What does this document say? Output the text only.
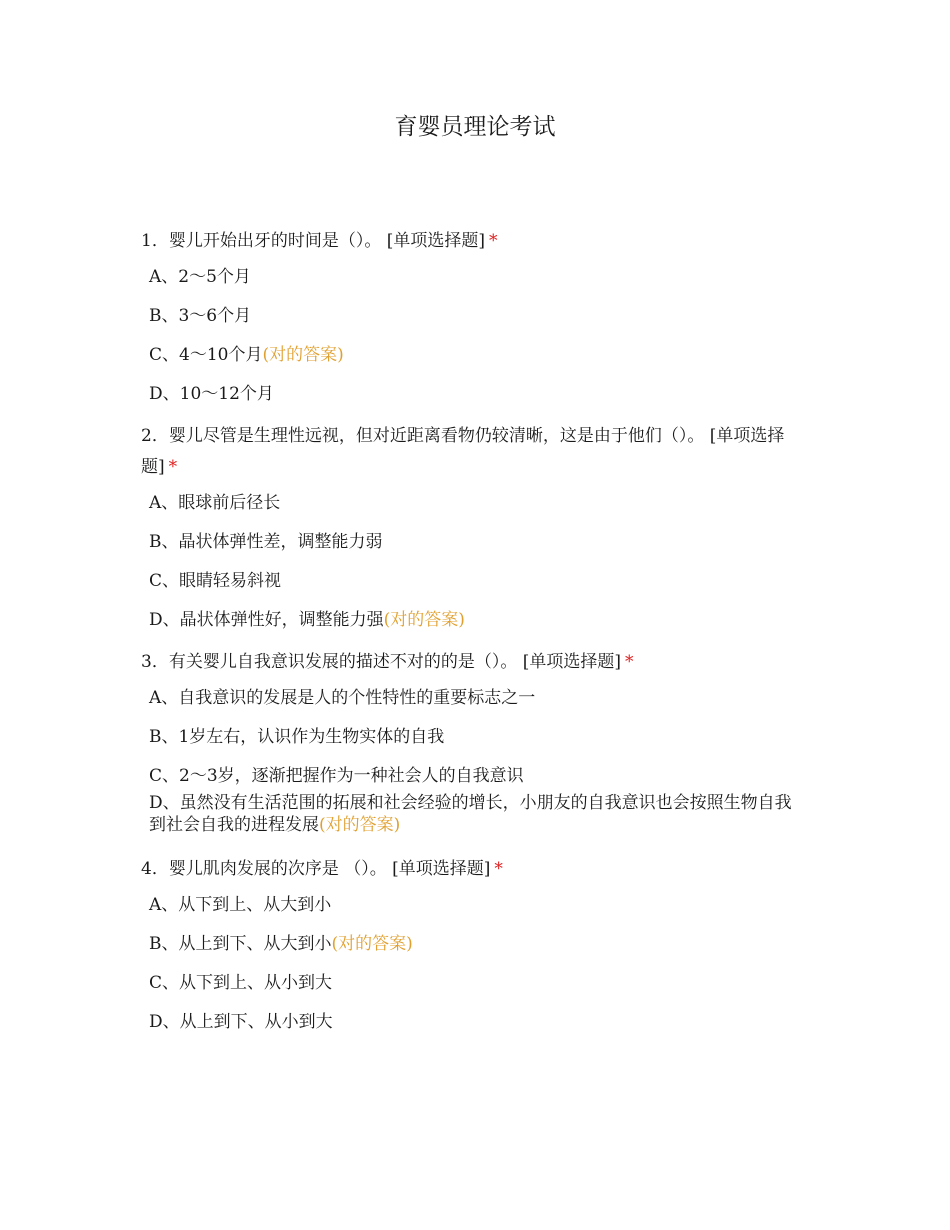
育婴员理论考试
1．婴儿开始出牙的时间是（）。 [单项选择题] *
A、2～5个月
B、3～6个月
C、4～10个月(对的答案)
D、10～12个月
2．婴儿尽管是生理性远视，但对近距离看物仍较清晰，这是由于他们（）。 [单项选择题] *
A、眼球前后径长
B、晶状体弹性差，调整能力弱
C、眼睛轻易斜视
D、晶状体弹性好，调整能力强(对的答案)
3．有关婴儿自我意识发展的描述不对的的是（）。 [单项选择题] *
A、自我意识的发展是人的个性特性的重要标志之一
B、1岁左右，认识作为生物实体的自我
C、2～3岁，逐渐把握作为一种社会人的自我意识
D、虽然没有生活范围的拓展和社会经验的增长，小朋友的自我意识也会按照生物自我到社会自我的进程发展(对的答案)
4．婴儿肌肉发展的次序是 （）。 [单项选择题] *
A、从下到上、从大到小
B、从上到下、从大到小(对的答案)
C、从下到上、从小到大
D、从上到下、从小到大
